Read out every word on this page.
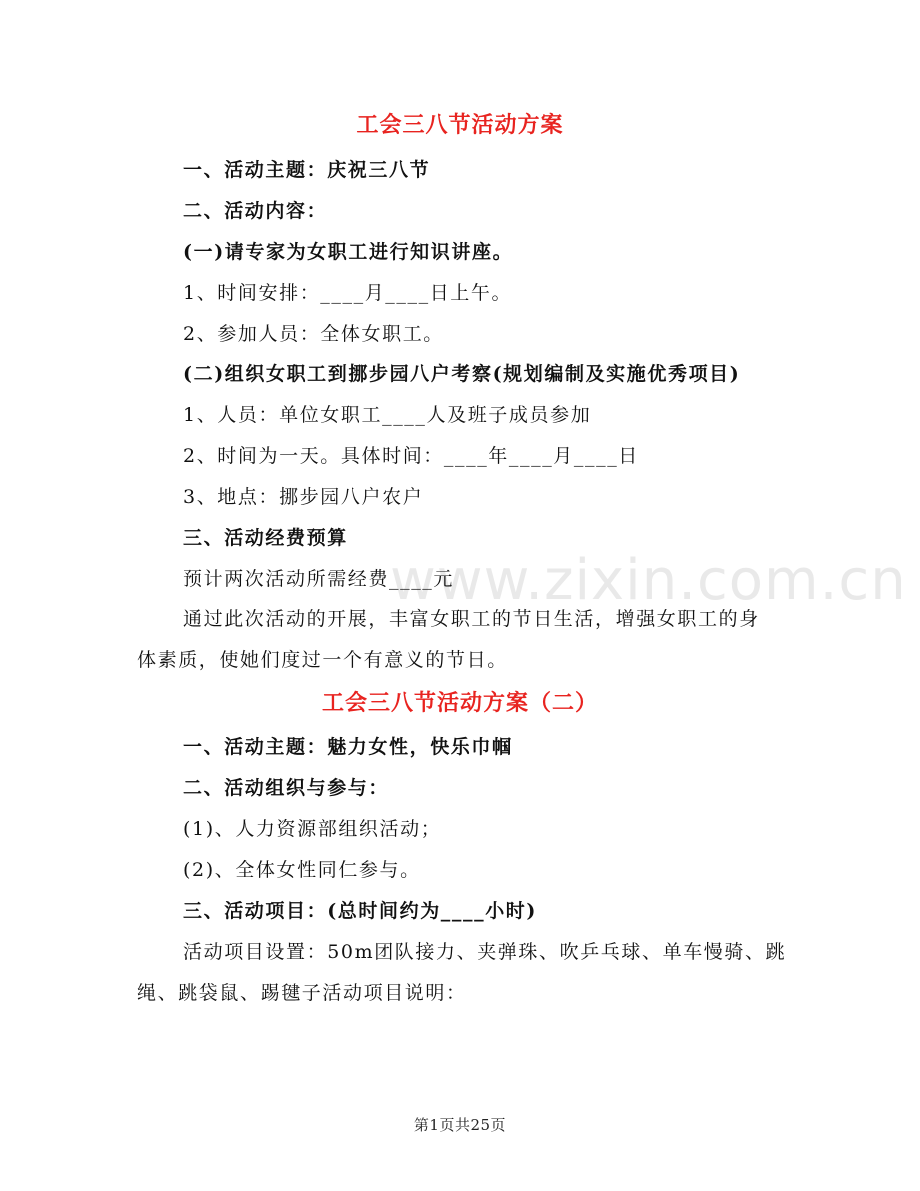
www.zixin.com.cn
工会三八节活动方案
一、活动主题：庆祝三八节
二、活动内容：
(一)请专家为女职工进行知识讲座。
1、时间安排：____月____日上午。
2、参加人员：全体女职工。
(二)组织女职工到挪步园八户考察(规划编制及实施优秀项目)
1、人员：单位女职工____人及班子成员参加
2、时间为一天。具体时间：____年____月____日
3、地点：挪步园八户农户
三、活动经费预算
预计两次活动所需经费____元
通过此次活动的开展，丰富女职工的节日生活，增强女职工的身
体素质，使她们度过一个有意义的节日。
工会三八节活动方案（二）
一、活动主题：魅力女性，快乐巾帼
二、活动组织与参与：
(1)、人力资源部组织活动；
(2)、全体女性同仁参与。
三、活动项目：(总时间约为____小时)
活动项目设置：50m团队接力、夹弹珠、吹乒乓球、单车慢骑、跳
绳、跳袋鼠、踢毽子活动项目说明：
第1页共25页
